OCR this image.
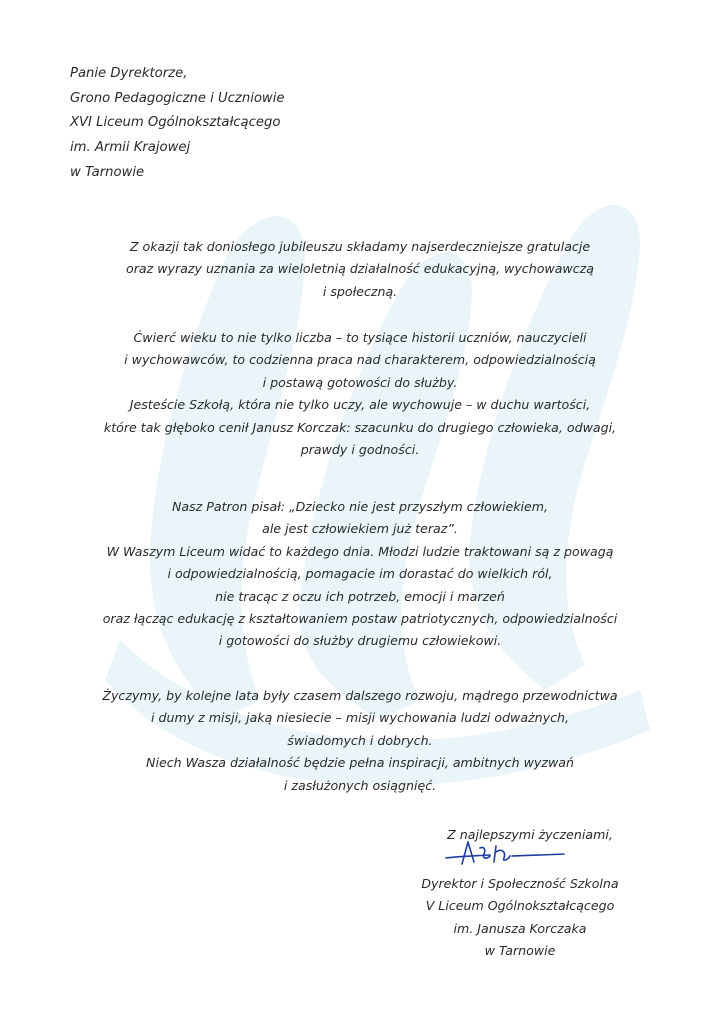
Panie Dyrektorze,
Grono Pedagogiczne i Uczniowie
XVI Liceum Ogólnokształcącego
im. Armii Krajowej
w Tarnowie
Z okazji tak doniosłego jubileuszu składamy najserdeczniejsze gratulacje
oraz wyrazy uznania za wieloletnią działalność edukacyjną, wychowawczą
i społeczną.
Ćwierć wieku to nie tylko liczba – to tysiące historii uczniów, nauczycieli
i wychowawców, to codzienna praca nad charakterem, odpowiedzialnością
i postawą gotowości do służby.
Jesteście Szkołą, która nie tylko uczy, ale wychowuje – w duchu wartości,
które tak głęboko cenił Janusz Korczak: szacunku do drugiego człowieka, odwagi,
prawdy i godności.
Nasz Patron pisał: „Dziecko nie jest przyszłym człowiekiem,
ale jest człowiekiem już teraz”.
W Waszym Liceum widać to każdego dnia. Młodzi ludzie traktowani są z powagą
i odpowiedzialnością, pomagacie im dorastać do wielkich ról,
nie tracąc z oczu ich potrzeb, emocji i marzeń
oraz łącząc edukację z kształtowaniem postaw patriotycznych, odpowiedzialności
i gotowości do służby drugiemu człowiekowi.
Życzymy, by kolejne lata były czasem dalszego rozwoju, mądrego przewodnictwa
i dumy z misji, jaką niesiecie – misji wychowania ludzi odważnych,
świadomych i dobrych.
Niech Wasza działalność będzie pełna inspiracji, ambitnych wyzwań
i zasłużonych osiągnięć.
Z najlepszymi życzeniami,
Dyrektor i Społeczność Szkolna
V Liceum Ogólnokształcącego
im. Janusza Korczaka
w Tarnowie
